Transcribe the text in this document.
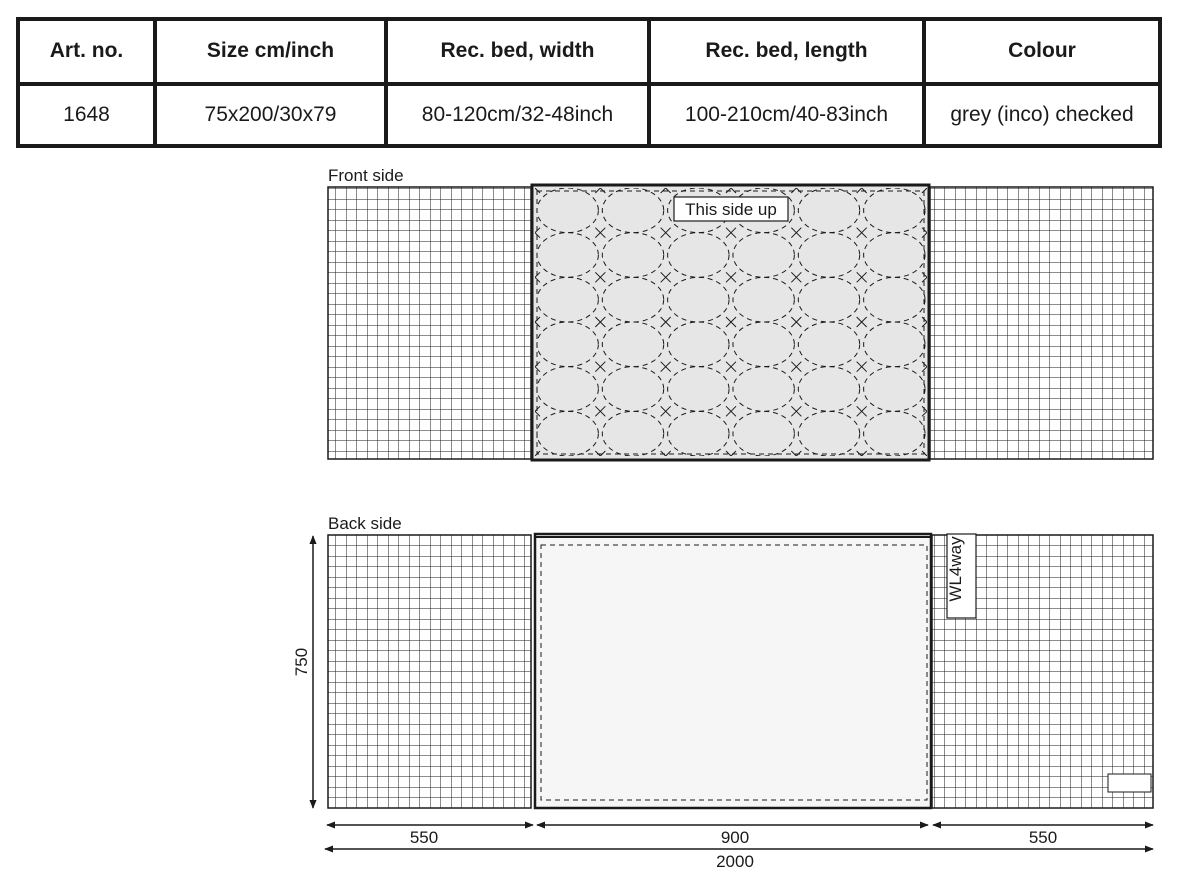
Art. no.	Size cm/inch	Rec. bed, width	Rec. bed, length	Colour
1648	75x200/30x79	80-120cm/32-48inch	100-210cm/40-83inch	grey (inco) checked
Front side
This side up
Back side
WL4way
750
550	900	550
2000
